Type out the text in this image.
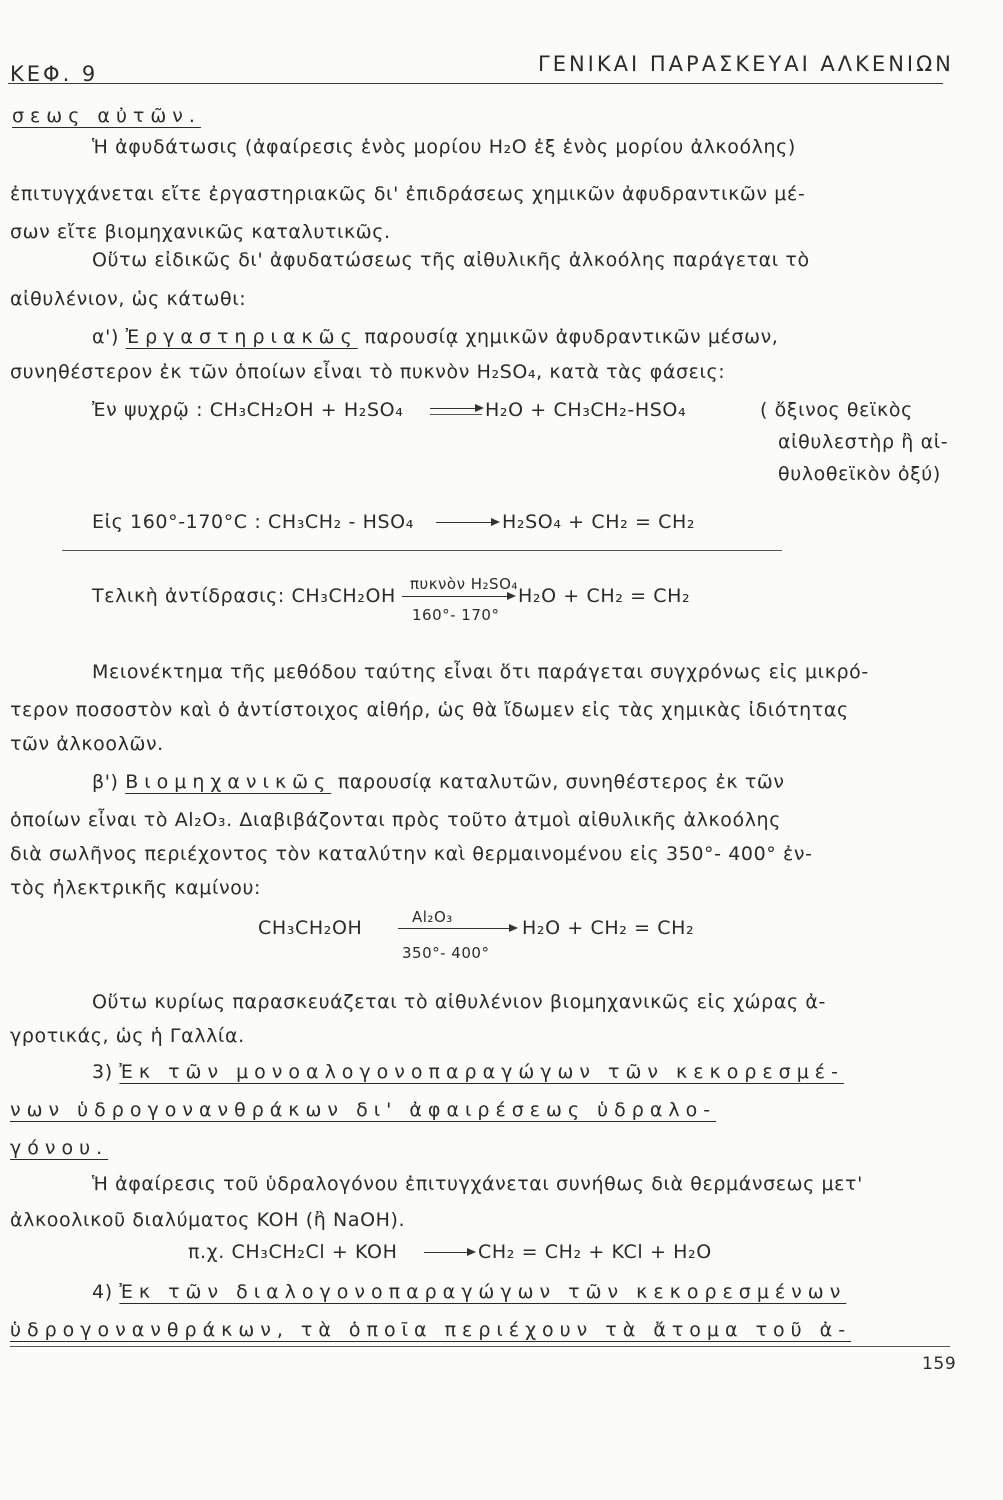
ΚΕΦ. 9	ΓΕΝΙΚΑΙ ΠΑΡΑΣΚΕΥΑΙ ΑΛΚΕΝΙΩΝ
σεως αὐτῶν.
Ἡ ἀφυδάτωσις (ἀφαίρεσις ἑνὸς μορίου H₂O ἐξ ἑνὸς μορίου ἀλκοόλης)
ἐπιτυγχάνεται εἴτε ἐργαστηριακῶς δι' ἐπιδράσεως χημικῶν ἀφυδραντικῶν μέ-
σων εἴτε βιομηχανικῶς καταλυτικῶς.
Οὕτω εἰδικῶς δι' ἀφυδατώσεως τῆς αἰθυλικῆς ἀλκοόλης παράγεται τὸ
αἰθυλένιον, ὡς κάτωθι:
α') Ἐργαστηριακῶς παρουσίᾳ χημικῶν ἀφυδραντικῶν μέσων,
συνηθέστερον ἐκ τῶν ὁποίων εἶναι τὸ πυκνὸν H₂SO₄, κατὰ τὰς φάσεις:
Ἐν ψυχρῷ : CH₃CH₂OH + H₂SO₄ → H₂O + CH₃CH₂-HSO₄	( ὄξινος θεϊκὸς
αἰθυλεστὴρ ἢ αἰ-
θυλοθεϊκὸν ὀξύ)
Εἰς 160°-170°C : CH₃CH₂ - HSO₄ → H₂SO₄ + CH₂ = CH₂
Τελικὴ ἀντίδρασις: CH₃CH₂OH
πυκνὸν H₂SO₄
H₂O + CH₂ = CH₂
160°- 170°
Μειονέκτημα τῆς μεθόδου ταύτης εἶναι ὅτι παράγεται συγχρόνως εἰς μικρό-
τερον ποσοστὸν καὶ ὁ ἀντίστοιχος αἰθήρ, ὡς θὰ ἴδωμεν εἰς τὰς χημικὰς ἰδιότητας
τῶν ἀλκοολῶν.
β') Βιομηχανικῶς παρουσίᾳ καταλυτῶν, συνηθέστερος ἐκ τῶν
ὁποίων εἶναι τὸ Al₂O₃. Διαβιβάζονται πρὸς τοῦτο ἀτμοὶ αἰθυλικῆς ἀλκοόλης
διὰ σωλῆνος περιέχοντος τὸν καταλύτην καὶ θερμαινομένου εἰς 350°- 400° ἐν-
τὸς ἠλεκτρικῆς καμίνου:
CH₃CH₂OH	Al₂O₃	H₂O + CH₂ = CH₂
350°- 400°
Οὕτω κυρίως παρασκευάζεται τὸ αἰθυλένιον βιομηχανικῶς εἰς χώρας ἀ-
γροτικάς, ὡς ἡ Γαλλία.
3) Ἐκ τῶν μονοαλογονοπαραγώγων τῶν κεκορεσμέ-
νων ὑδρογονανθράκων δι' ἀφαιρέσεως ὑδραλο-
γόνου.
Ἡ ἀφαίρεσις τοῦ ὑδραλογόνου ἐπιτυγχάνεται συνήθως διὰ θερμάνσεως μετ'
ἀλκοολικοῦ διαλύματος KOH (ἢ NaOH).
π.χ. CH₃CH₂Cl + KOH → CH₂ = CH₂ + KCl + H₂O
4) Ἐκ τῶν διαλογονοπαραγώγων τῶν κεκορεσμένων
ὑδρογονανθράκων, τὰ ὁποῖα περιέχουν τὰ ἄτομα τοῦ ἀ-
159
